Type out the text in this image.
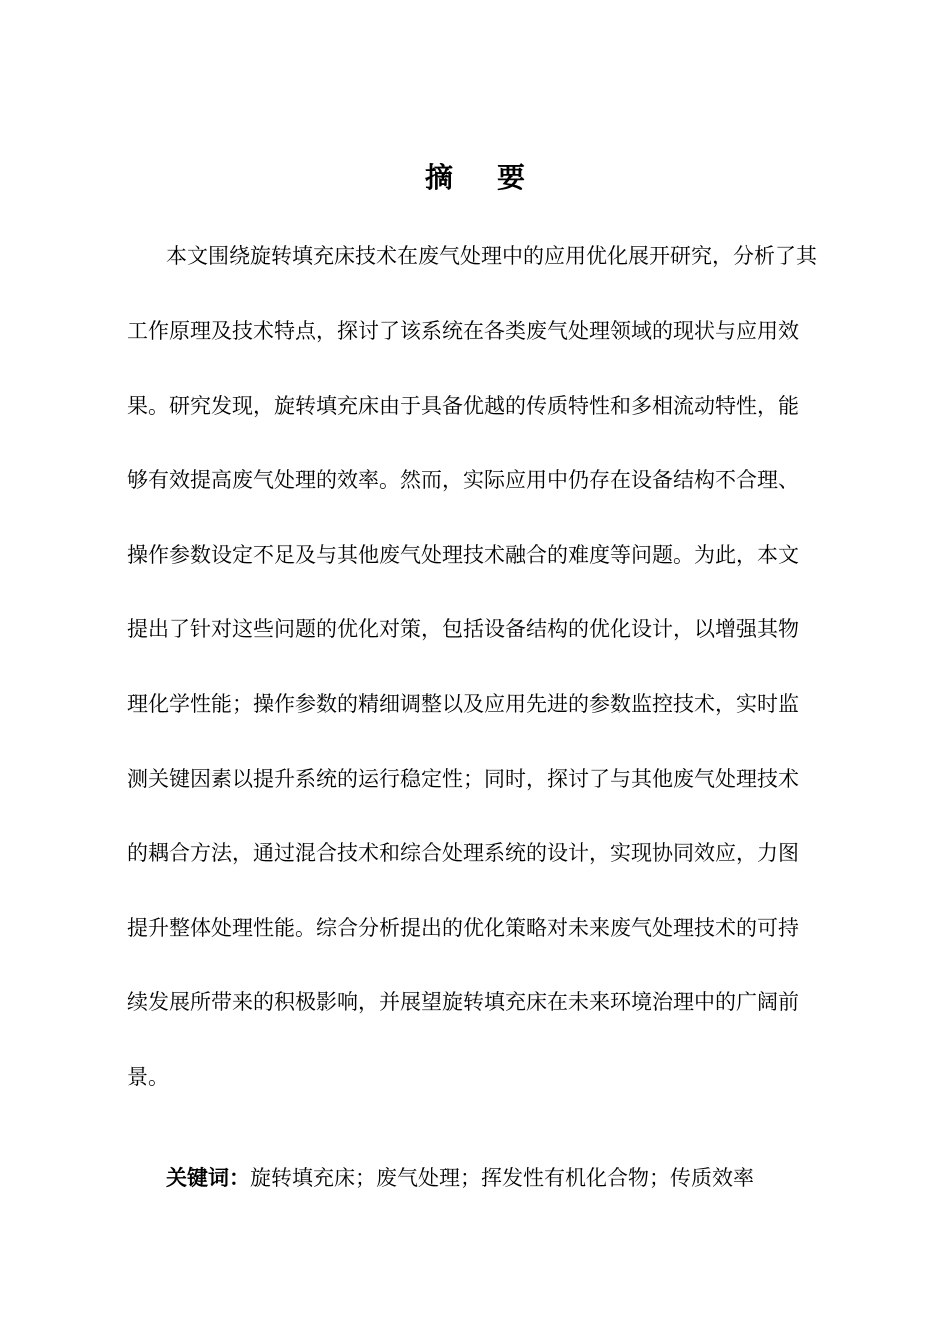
摘要
本文围绕旋转填充床技术在废气处理中的应用优化展开研究，分析了其
工作原理及技术特点，探讨了该系统在各类废气处理领域的现状与应用效
果。研究发现，旋转填充床由于具备优越的传质特性和多相流动特性，能
够有效提高废气处理的效率。然而，实际应用中仍存在设备结构不合理、
操作参数设定不足及与其他废气处理技术融合的难度等问题。为此，本文
提出了针对这些问题的优化对策，包括设备结构的优化设计，以增强其物
理化学性能；操作参数的精细调整以及应用先进的参数监控技术，实时监
测关键因素以提升系统的运行稳定性；同时，探讨了与其他废气处理技术
的耦合方法，通过混合技术和综合处理系统的设计，实现协同效应，力图
提升整体处理性能。综合分析提出的优化策略对未来废气处理技术的可持
续发展所带来的积极影响，并展望旋转填充床在未来环境治理中的广阔前
景。
关键词：旋转填充床；废气处理；挥发性有机化合物；传质效率
